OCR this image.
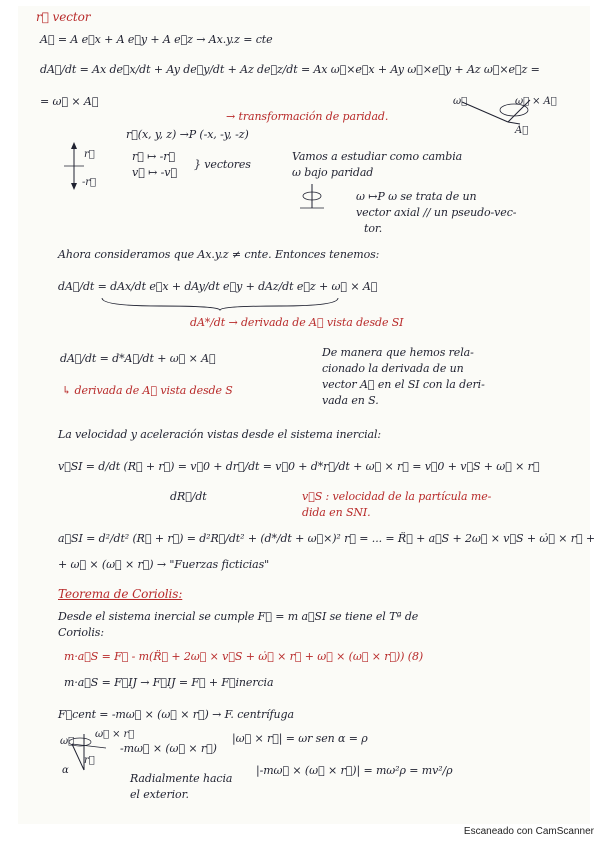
r⃗ vector
A⃗ = A e⃗x + A e⃗y + A e⃗z → Ax.y.z = cte
dA⃗/dt = Ax de⃗x/dt + Ay de⃗y/dt + Az de⃗z/dt = Ax ω⃗×e⃗x + Ay ω⃗×e⃗y + Az ω⃗×e⃗z =
= ω⃗ × A⃗	ω⃗	ω⃗ × A⃗
A⃗
→ transformación de paridad.
r⃗(x, y, z) →P (-x, -y, -z)
r⃗
-r⃗
r⃗ ↦ -r⃗
v⃗ ↦ -v⃗
} vectores
Vamos a estudiar como cambia
ω bajo paridad
ω ↦P ω se trata de un
vector axial // un pseudo-vec-
tor.
Ahora consideramos que Ax.y.z ≠ cnte. Entonces tenemos:
dA⃗/dt = dAx/dt e⃗x + dAy/dt e⃗y + dAz/dt e⃗z + ω⃗ × A⃗
dA*/dt → derivada de A⃗ vista desde SI
dA⃗/dt = d*A⃗/dt + ω⃗ × A⃗	De manera que hemos rela-
cionado la derivada de un
vector A⃗ en el SI con la deri-
vada en S.
↳ derivada de A⃗ vista desde S
La velocidad y aceleración vistas desde el sistema inercial:
v⃗SI = d/dt (R⃗ + r⃗) = v⃗0 + dr⃗/dt = v⃗0 + d*r⃗/dt + ω⃗ × r⃗ = v⃗0 + v⃗S + ω⃗ × r⃗
dR⃗/dt	v⃗S : velocidad de la partícula me-
dida en SNI.
a⃗SI = d²/dt² (R⃗ + r⃗) = d²R⃗/dt² + (d*/dt + ω⃗×)² r⃗ = ... = R̈⃗ + a⃗S + 2ω⃗ × v⃗S + ω̇⃗ × r⃗ +
+ ω⃗ × (ω⃗ × r⃗) → "Fuerzas ficticias"
Teorema de Coriolis:
Desde el sistema inercial se cumple F⃗ = m a⃗SI se tiene el Tª de
Coriolis:
m·a⃗S = F⃗ - m(R̈⃗ + 2ω⃗ × v⃗S + ω̇⃗ × r⃗ + ω⃗ × (ω⃗ × r⃗)) (8)
m·a⃗S = F⃗IJ → F⃗IJ = F⃗ + F⃗inercia
F⃗cent = -mω⃗ × (ω⃗ × r⃗) → F. centrífuga
|ω⃗ × r⃗| = ωr sen α = ρ
ω⃗
ω⃗ × r⃗
r⃗
α
-mω⃗ × (ω⃗ × r⃗)
|-mω⃗ × (ω⃗ × r⃗)| = mω²ρ = mv²/ρ
Radialmente hacia
el exterior.
Escaneado con CamScanner
